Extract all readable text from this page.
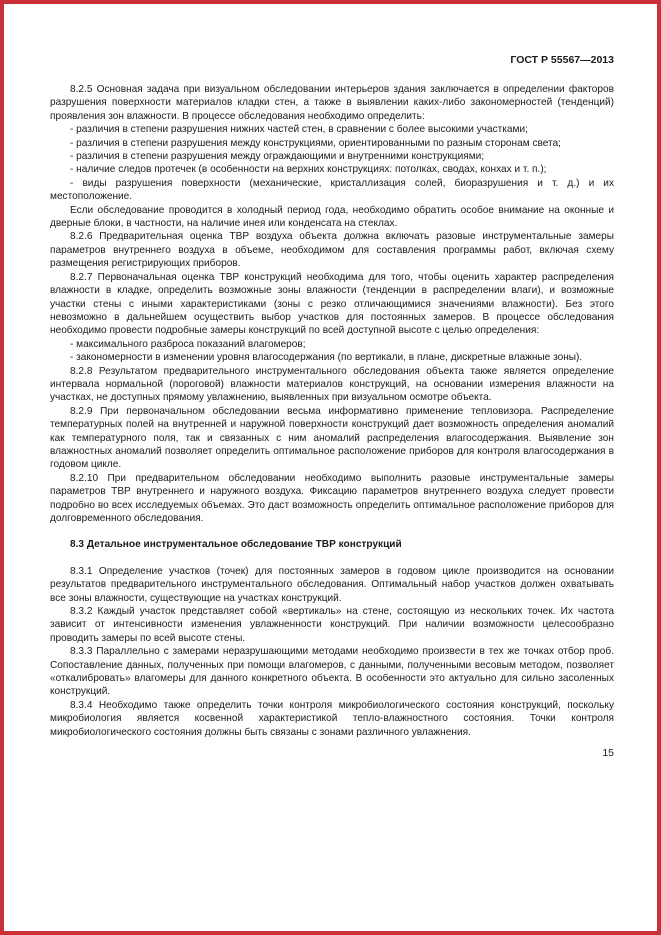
ГОСТ Р 55567—2013

8.2.5 Основная задача при визуальном обследовании интерьеров здания заключается в определении факторов разрушения поверхности материалов кладки стен, а также в выявлении каких-либо закономерностей (тенденций) проявления зон влажности. В процессе обследования необходимо определить:

- различия в степени разрушения нижних частей стен, в сравнении с более высокими участками;

- различия в степени разрушения между конструкциями, ориентированными по разным сторонам света;

- различия в степени разрушения между ограждающими и внутренними конструкциями;

- наличие следов протечек (в особенности на верхних конструкциях: потолках, сводах, конхах и т. п.);

- виды разрушения поверхности (механические, кристаллизация солей, биоразрушения и т. д.) и их местоположение.

Если обследование проводится в холодный период года, необходимо обратить особое внимание на оконные и дверные блоки, в частности, на наличие инея или конденсата на стеклах.

8.2.6 Предварительная оценка ТВР воздуха объекта должна включать разовые инструментальные замеры параметров внутреннего воздуха в объеме, необходимом для составления программы работ, включая схему размещения регистрирующих приборов.

8.2.7 Первоначальная оценка ТВР конструкций необходима для того, чтобы оценить характер распределения влажности в кладке, определить возможные зоны влажности (тенденции в распределении влаги), и возможные участки стены с иными характеристиками (зоны с резко отличающимися значениями влажности). Без этого невозможно в дальнейшем осуществить выбор участков для постоянных замеров. В процессе обследования необходимо провести подробные замеры конструкций по всей доступной высоте с целью определения:

- максимального разброса показаний влагомеров;

- закономерности в изменении уровня влагосодержания (по вертикали, в плане, дискретные влажные зоны).

8.2.8 Результатом предварительного инструментального обследования объекта также является определение интервала нормальной (пороговой) влажности материалов конструкций, на основании измерения влажности на участках, не доступных прямому увлажнению, выявленных при визуальном осмотре объекта.

8.2.9 При первоначальном обследовании весьма информативно применение тепловизора. Распределение температурных полей на внутренней и наружной поверхности конструкций дает возможность определения аномалий как температурного поля, так и связанных с ним аномалий распределения влагосодержания. Выявление зон влажностных аномалий позволяет определить оптимальное расположение приборов для контроля влагосодержания в годовом цикле.

8.2.10 При предварительном обследовании необходимо выполнить разовые инструментальные замеры параметров ТВР внутреннего и наружного воздуха. Фиксацию параметров внутреннего воздуха следует провести подробно во всех исследуемых объемах. Это даст возможность определить оптимальное расположение приборов для долговременного обследования.

8.3 Детальное инструментальное обследование ТВР конструкций

8.3.1 Определение участков (точек) для постоянных замеров в годовом цикле производится на основании результатов предварительного инструментального обследования. Оптимальный набор участков должен охватывать все зоны влажности, существующие на участках конструкций.

8.3.2 Каждый участок представляет собой «вертикаль» на стене, состоящую из нескольких точек. Их частота зависит от интенсивности изменения увлажненности конструкций. При наличии возможности целесообразно проводить замеры по всей высоте стены.

8.3.3 Параллельно с замерами неразрушающими методами необходимо произвести в тех же точках отбор проб. Сопоставление данных, полученных при помощи влагомеров, с данными, полученными весовым методом, позволяет «откалибровать» влагомеры для данного конкретного объекта. В особенности это актуально для сильно засоленных конструкций.

8.3.4 Необходимо также определить точки контроля микробиологического состояния конструкций, поскольку микробиология является косвенной характеристикой тепло-влажностного состояния. Точки контроля микробиологического состояния должны быть связаны с зонами различного увлажнения.

15
